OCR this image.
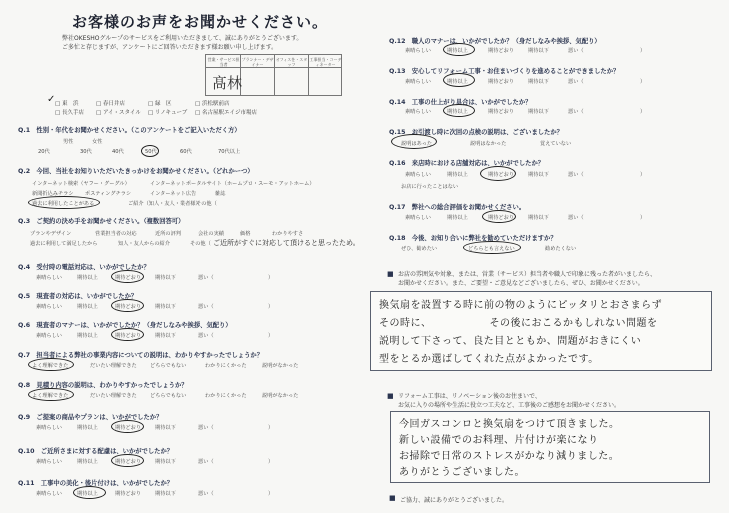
お客様のお声をお聞かせください。
弊社OKESHOグループのサービスをご利用いただきまして、誠にありがとうございます。
ご多忙と存じますが、アンケートにご回答いただきます様お願い申し上げます。
営業・サービス担当者
プランナー・デザイナー
オフィスを・スタッフ
工事担当・コーディネーター
髙林
✓ □ 東　浜	□ 春日井店	□ 緑　区	□ 浜松駅前店
□ 長久手店 □ アイ・スタイル □ リノキューブ □ 名古屋駅エイジ市場店
Q.1　性別・年代をお聞かせください。（このアンケートをご記入いただく方）
男性	女性
20代	30代	40代	50代	60代	70代以上
Q.2　今回、当社をお知りいただいたきっかけをお聞かせください。（どれかーつ）
インターネット検索（ヤフー・グーグル）	インターネットポータルサイト（ホームプロ・スーモ・アットホーム）
新聞折込みチラシ ポスティングチラシ	インターネット広告	雑誌
過去に利用したことがある	ご紹介（知人・友人・業者様）
その他（
Q.3　ご契約の決め手をお聞かせください。（複数回答可）
プランやデザイン	営業担当者の対応	近所の評判	会社の実績	価格	わかりやすさ
過去に利用して満足したから	知人・友人からの紹介	その他（ ご近所がすぐに対応して頂けると思ったため。
Q.4　受付時の電話対応は、いかがでしたか？
素晴らしい	期待以上	期待どおり	期待以下	悪い（	）
Q.5　現査者の対応は、いかがでしたか？
素晴らしい	期待以上	期待どおり	期待以下	悪い（	）
Q.6　現査者のマナーは、いかがでしたか？（身だしなみや挨拶、気配り）
素晴らしい	期待以上	期待どおり	期待以下	悪い（	）
Q.7　担当者による弊社の事業内容についての説明は、わかりやすかったでしょうか？
よく理解できた	だいたい理解できた	どちらでもない	わかりにくかった	説明がなかった
Q.8　見積り内容の説明は、わかりやすかったでしょうか？
よく理解できた	だいたい理解できた	どちらでもない	わかりにくかった	説明がなかった
Q.9　ご提案の商品やプランは、いかがでしたか？
素晴らしい	期待以上	期待どおり	期待以下	悪い（	）
Q.10　ご近所さまに対する配慮は、いかがでしたか？
素晴らしい	期待以上	期待どおり	期待以下	悪い（	）
Q.11　工事中の美化・後片付けは、いかがでしたか？
素晴らしい	期待以上	期待どおり	期待以下	悪い（	）
Q.12　職人のマナーは、いかがでしたか？（身だしなみや挨拶、気配り）
素晴らしい	期待以上	期待どおり	期待以下	悪い（	）
Q.13　安心してリフォーム工事・お住まいづくりを進めることができましたか？
素晴らしい	期待以上	期待どおり	期待以下	悪い（	）
Q.14　工事の仕上がり具合は、いかがでしたか？
素晴らしい	期待以上	期待どおり	期待以下	悪い（	）
Q.15　お引渡し時に次回の点検の説明は、ございましたか？
説明はあった	説明はなかった	覚えていない
Q.16　来店時における店舗対応は、いかがでしたか？
素晴らしい	期待以上	期待どおり	期待以下	悪い（	）
お店に行ったことはない
Q.17　弊社への総合評価をお聞かせください。
素晴らしい	期待以上	期待どおり	期待以下	悪い（	）
Q.18　今後、お知り合いに弊社を勧めていただけますか？
ぜひ、勧めたい	どちらとも言えない	勧めたくない
■ お店の雰囲気や対象、または、営業（サービス）担当者や職人で印象に残った者がいましたら、
お聞かせください。また、ご要望・ご意見などございましたら、ぜひ、お聞かせください。
換気扇を設置する時に前の物のようにピッタリとおさまらず
その時に、　　　　　　その後におこるかもしれない問題を
説明して下さって、良た目とともか、問題がおきにくい
型をとるか選ばしてくれた点がよかったです。
■ リフォーム工事は、リノベーション後のお住まいで、
お気に入りの場所や生活に役立つ工夫など、工事後のご感想をお聞かせください。
今回ガスコンロと換気扇をつけて頂きました。
新しい設備でのお料理、片付けが楽になり
お掃除で日常のストレスがかなり減りました。
ありがとうございました。
■ ご協力、誠にありがとうございました。
